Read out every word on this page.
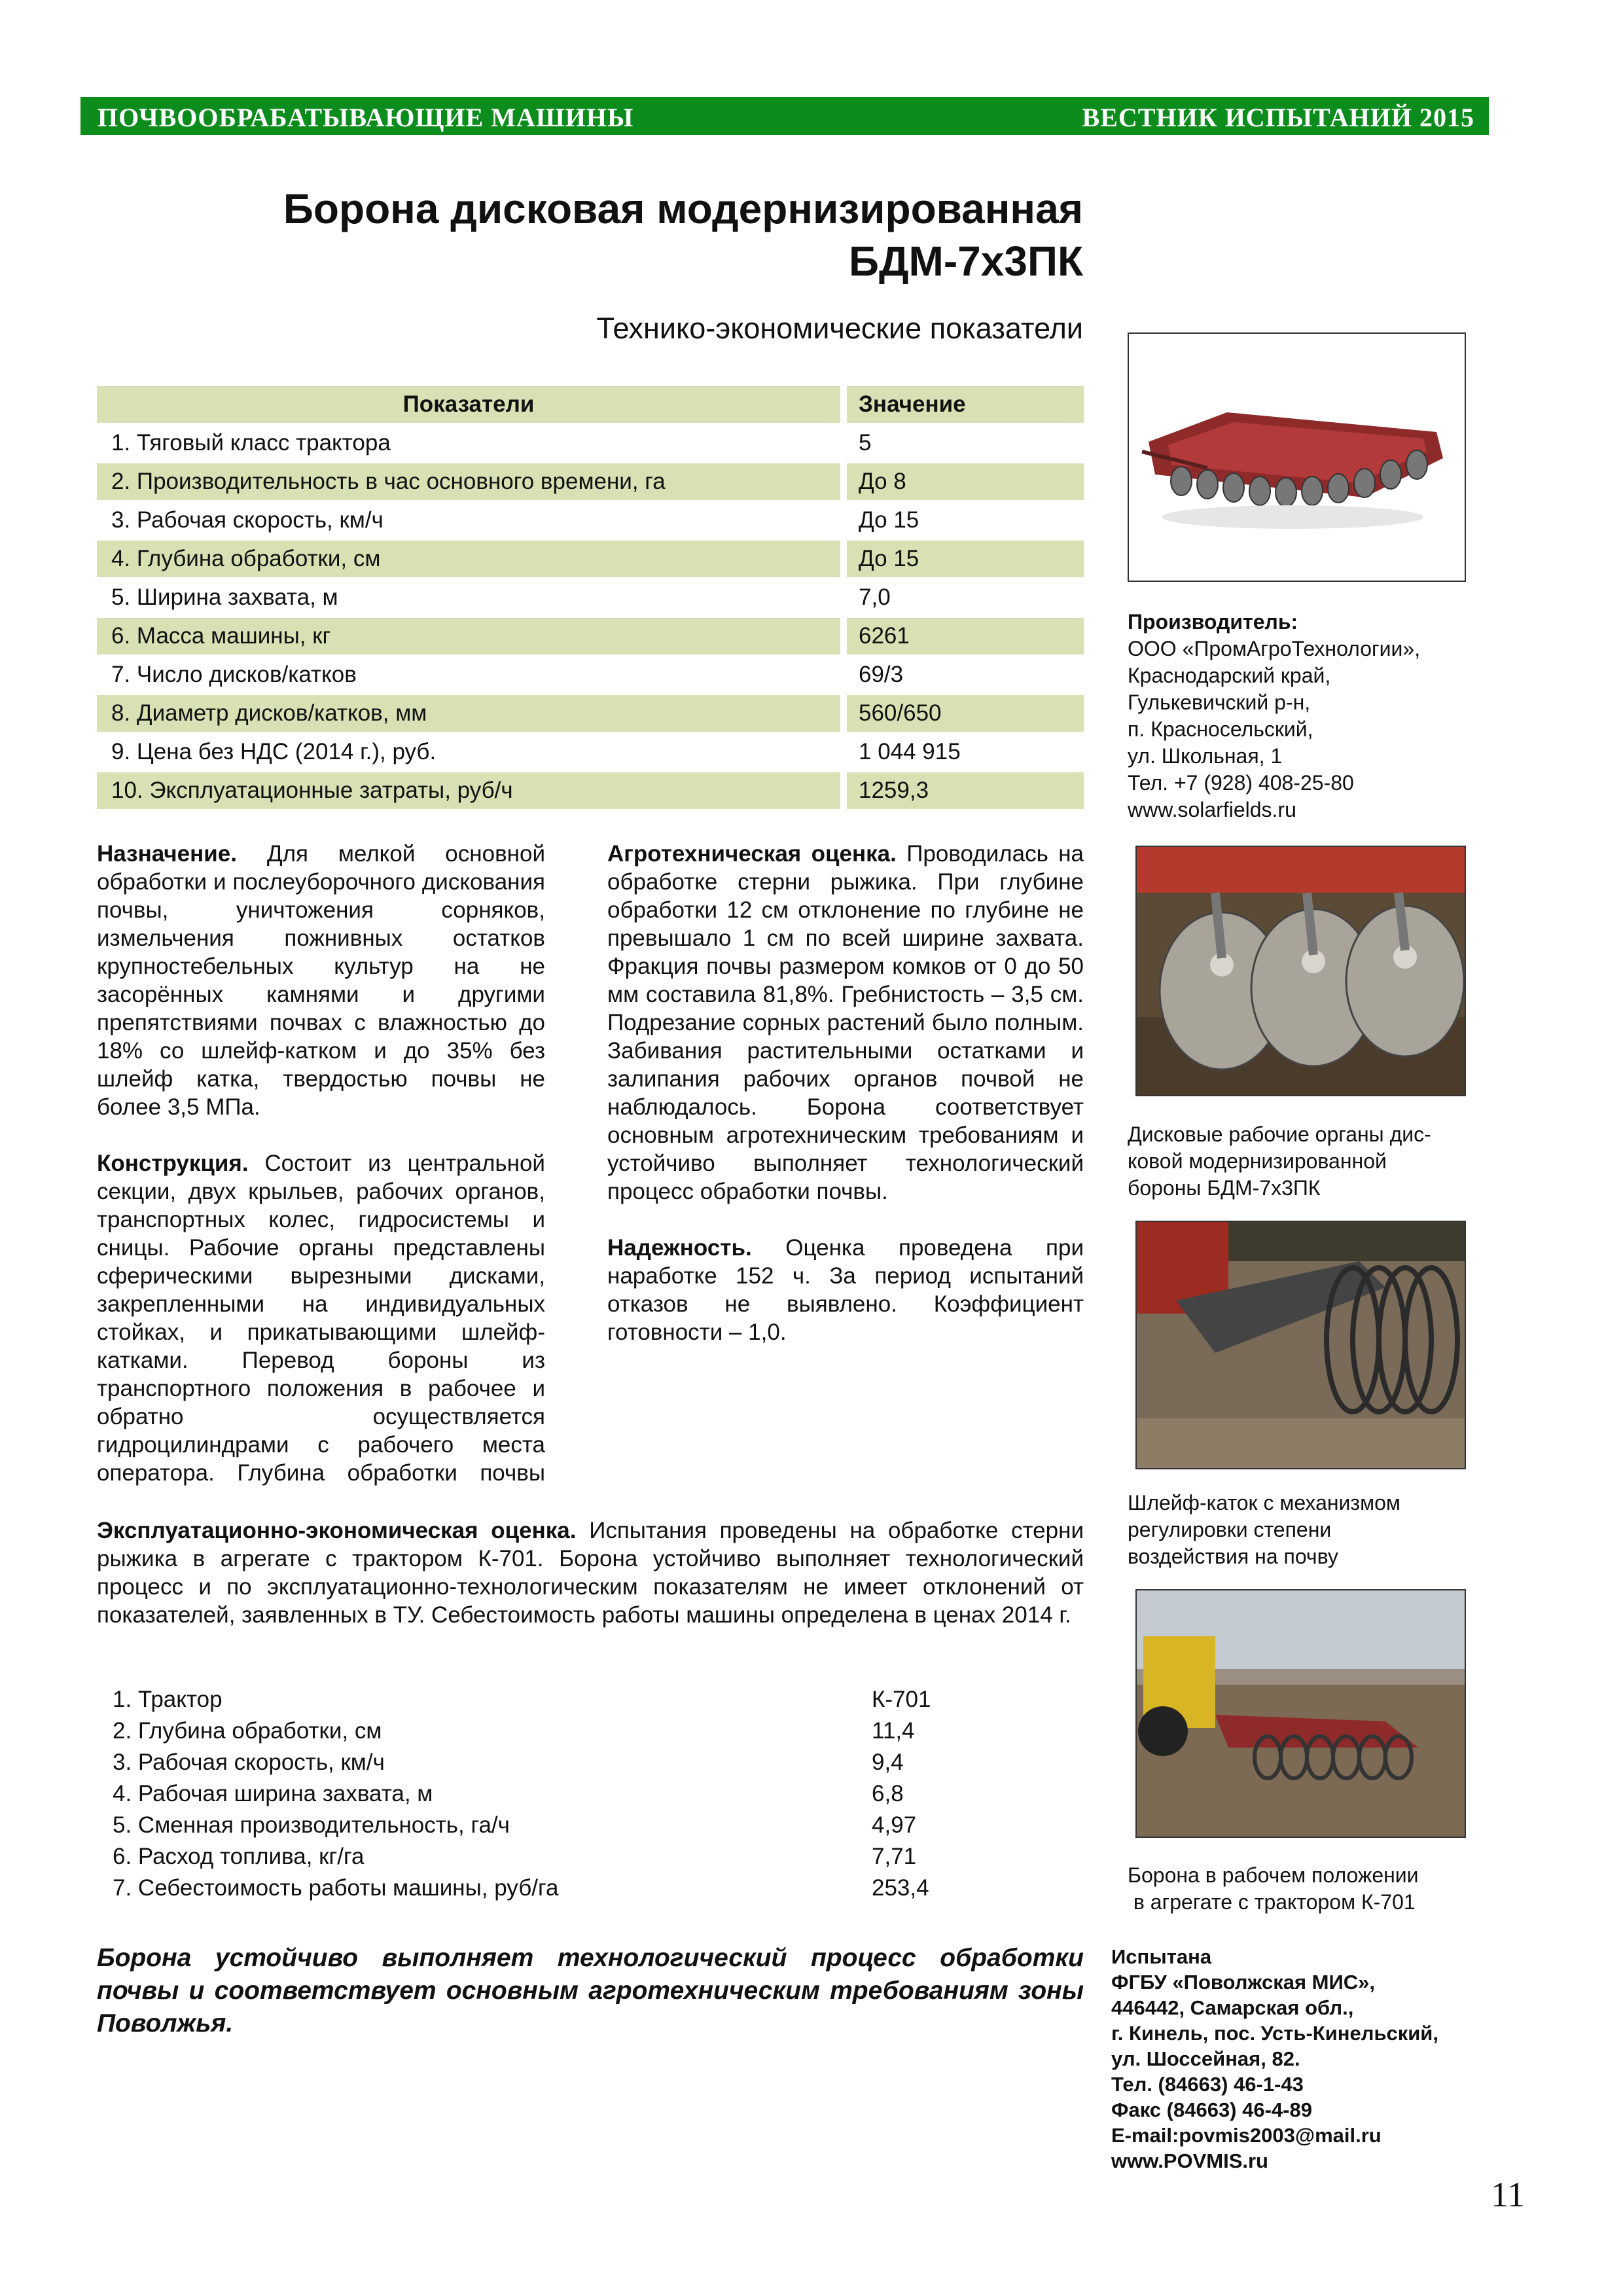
ПОЧВООБРАБАТЫВАЮЩИЕ МАШИНЫ	ВЕСТНИК ИСПЫТАНИЙ 2015
Борона дисковая модернизированная
БДМ-7х3ПК
Технико-экономические показатели
Показатели	Значение
1. Тяговый класс трактора	5
2. Производительность в час основного времени, га	До 8
3. Рабочая скорость, км/ч	До 15
4. Глубина обработки, см	До 15
5. Ширина захвата, м	7,0
6. Масса машины, кг	6261
7. Число дисков/катков	69/3
8. Диаметр дисков/катков, мм	560/650
9. Цена без НДС (2014 г.), руб.	1 044 915
10. Эксплуатационные затраты, руб/ч	1259,3

Назначение. Для мелкой основной обработки и послеуборочного дискования почвы, уничтожения сорняков, измельчения пожнивных остатков крупностебельных культур на не засорённых камнями и другими препятствиями почвах с влажностью до 18% со шлейф-катком и до 35% без шлейф катка, твердостью почвы не более 3,5 МПа.

Конструкция. Состоит из центральной секции, двух крыльев, рабочих органов, транспортных колес, гидросистемы и сницы. Рабочие органы представлены сферическими вырезными дисками, закрепленными на индивидуальных стойках, и прикатывающими шлейф-катками. Перевод бороны из транспортного положения в рабочее и обратно осуществляется гидроцилиндрами с рабочего места оператора. Глубина обработки почвы

Агротехническая оценка. Проводилась на обработке стерни рыжика. При глубине обработки 12 см отклонение по глубине не превышало 1 см по всей ширине захвата. Фракция почвы размером комков от 0 до 50 мм составила 81,8%. Гребнистость – 3,5 см. Подрезание сорных растений было полным. Забивания растительными остатками и залипания рабочих органов почвой не наблюдалось. Борона соответствует основным агротехническим требованиям и устойчиво выполняет технологический процесс обработки почвы.

Надежность. Оценка проведена при наработке 152 ч. За период испытаний отказов не выявлено. Коэффициент готовности – 1,0.

Эксплуатационно-экономическая оценка. Испытания проведены на обработке стерни рыжика в агрегате с трактором К-701. Борона устойчиво выполняет технологический процесс и по эксплуатационно-технологическим показателям не имеет отклонений от показателей, заявленных в ТУ. Себестоимость работы машины определена в ценах 2014 г.
1. Трактор	К-701
2. Глубина обработки, см	11,4
3. Рабочая скорость, км/ч	9,4
4. Рабочая ширина захвата, м	6,8
5. Сменная производительность, га/ч	4,97
6. Расход топлива, кг/га	7,71
7. Себестоимость работы машины, руб/га	253,4
Борона устойчиво выполняет технологический процесс обработки почвы и соответствует основным агротехническим требованиям зоны Поволжья.
Производитель:
ООО «ПромАгроТехнологии»,
Краснодарский край,
Гулькевичский р-н,
п. Красносельский,
ул. Школьная, 1
Тел. +7 (928) 408-25-80
www.solarfields.ru
Дисковые рабочие органы дис-
ковой модернизированной
бороны БДМ-7х3ПК
Шлейф-каток с механизмом
регулировки степени
воздействия на почву
Борона в рабочем положении
в агрегате с трактором К-701
Испытана
ФГБУ «Поволжская МИС»,
446442, Самарская обл.,
г. Кинель, пос. Усть-Кинельский,
ул. Шоссейная, 82.
Тел. (84663) 46-1-43
Факс (84663) 46-4-89
E-mail:povmis2003@mail.ru
www.POVMIS.ru
11
